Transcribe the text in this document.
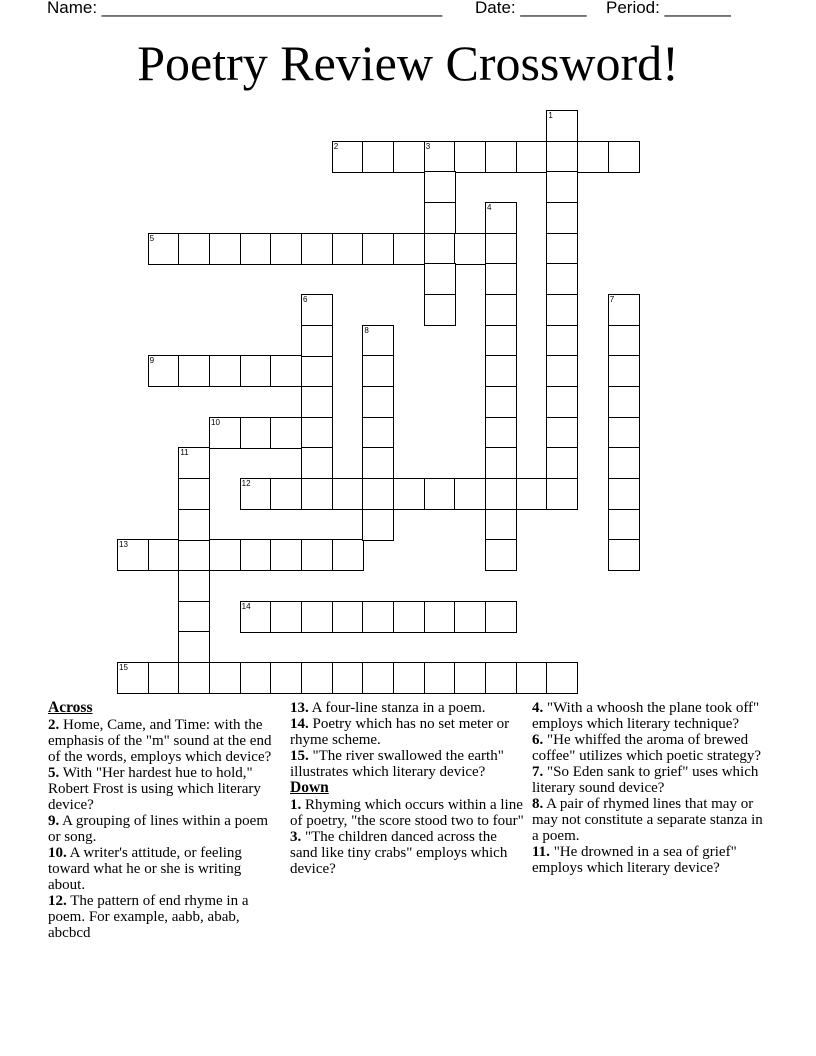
Name: ____________________________________ Date: _______ Period: _______
Poetry Review Crossword!
2	3
5
9
10
12
13
14
15
1
4
6	7
8
11
Across
2. Home, Came, and Time: with the emphasis of the "m" sound at the end of the words, employs which device?
5. With "Her hardest hue to hold," Robert Frost is using which literary device?
9. A grouping of lines within a poem or song.
10. A writer's attitude, or feeling toward what he or she is writing about.
12. The pattern of end rhyme in a poem. For example, aabb, abab, abcbcd
13. A four-line stanza in a poem.
14. Poetry which has no set meter or rhyme scheme.
15. "The river swallowed the earth" illustrates which literary device?
Down
1. Rhyming which occurs within a line of poetry, "the score stood two to four"
3. "The children danced across the sand like tiny crabs" employs which device?
4. "With a whoosh the plane took off" employs which literary technique?
6. "He whiffed the aroma of brewed coffee" utilizes which poetic strategy?
7. "So Eden sank to grief" uses which literary sound device?
8. A pair of rhymed lines that may or may not constitute a separate stanza in a poem.
11. "He drowned in a sea of grief" employs which literary device?
